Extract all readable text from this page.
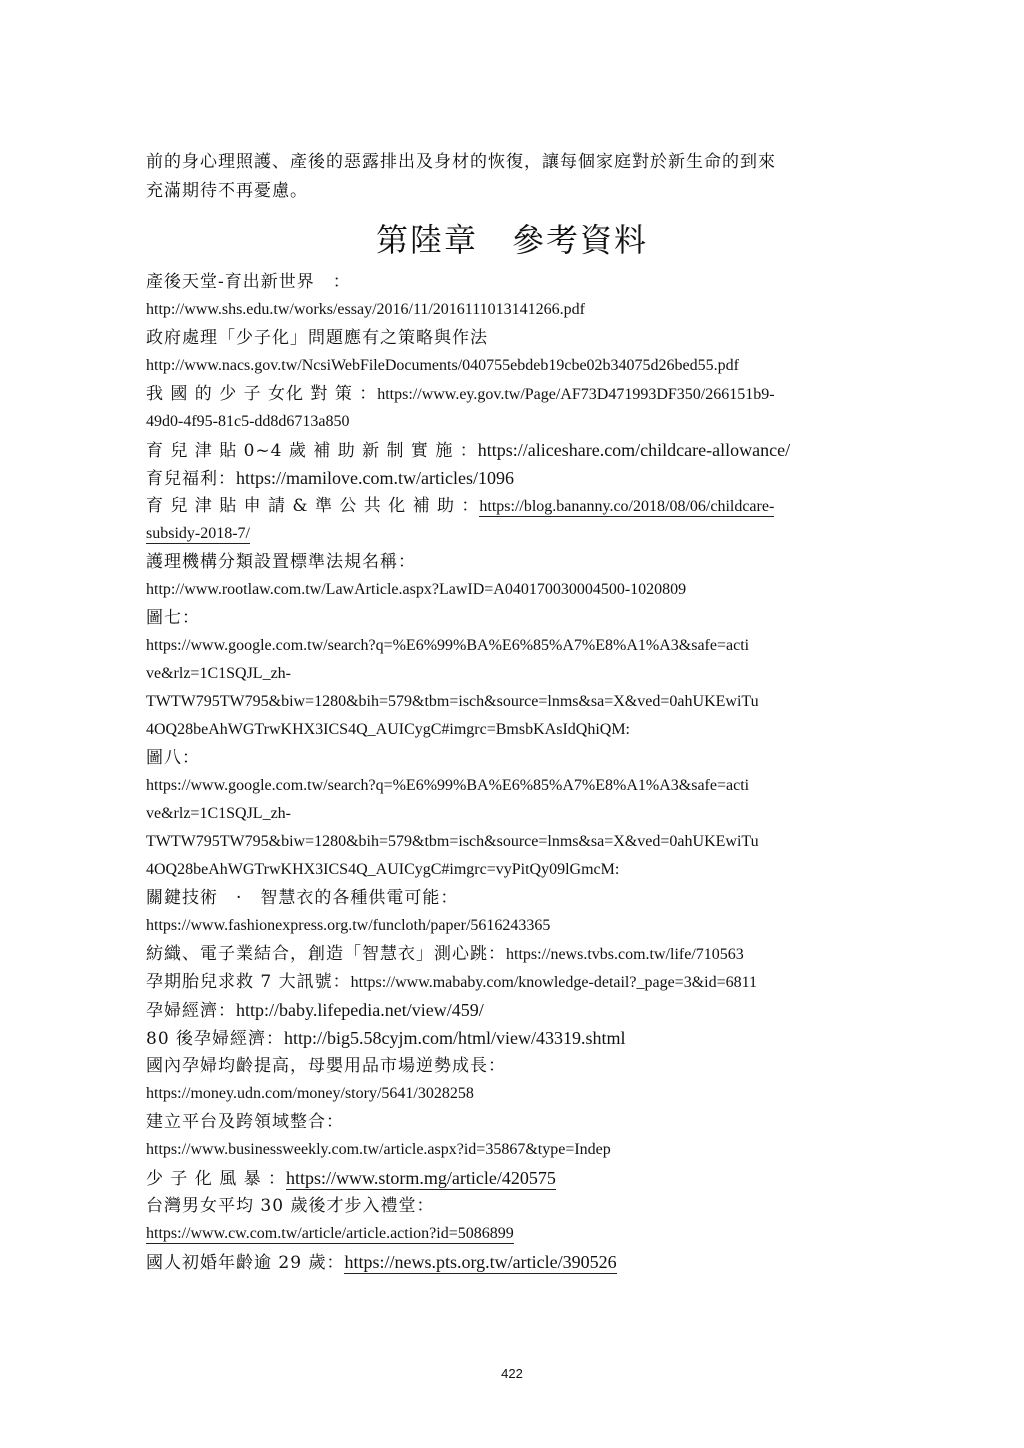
前的身心理照護、產後的惡露排出及身材的恢復，讓每個家庭對於新生命的到來

充滿期待不再憂慮。

第陸章　參考資料
產後天堂-育出新世界　：
http://www.shs.edu.tw/works/essay/2016/11/2016111013141266.pdf
政府處理「少子化」問題應有之策略與作法
http://www.nacs.gov.tw/NcsiWebFileDocuments/040755ebdeb19cbe02b34075d26bed55.pdf
我 國 的 少 子 女化 對 策 ：https://www.ey.gov.tw/Page/AF73D471993DF350/266151b9-
49d0-4f95-81c5-dd8d6713a850
育 兒 津 貼 0~4 歲 補 助 新 制 實 施 ：https://aliceshare.com/childcare-allowance/
育兒福利：https://mamilove.com.tw/articles/1096
育 兒 津 貼 申 請 & 準 公 共 化 補 助 ：https://blog.bananny.co/2018/08/06/childcare-
subsidy-2018-7/
護理機構分類設置標準法規名稱：
http://www.rootlaw.com.tw/LawArticle.aspx?LawID=A040170030004500-1020809
圖七：
https://www.google.com.tw/search?q=%E6%99%BA%E6%85%A7%E8%A1%A3&safe=acti
ve&rlz=1C1SQJL_zh-
TWTW795TW795&biw=1280&bih=579&tbm=isch&source=lnms&sa=X&ved=0ahUKEwiTu
4OQ28beAhWGTrwKHX3ICS4Q_AUICygC#imgrc=BmsbKAsIdQhiQM:
圖八：
https://www.google.com.tw/search?q=%E6%99%BA%E6%85%A7%E8%A1%A3&safe=acti
ve&rlz=1C1SQJL_zh-
TWTW795TW795&biw=1280&bih=579&tbm=isch&source=lnms&sa=X&ved=0ahUKEwiTu
4OQ28beAhWGTrwKHX3ICS4Q_AUICygC#imgrc=vyPitQy09lGmcM:
關鍵技術　·　智慧衣的各種供電可能：
https://www.fashionexpress.org.tw/funcloth/paper/5616243365
紡織、電子業結合，創造「智慧衣」測心跳：https://news.tvbs.com.tw/life/710563
孕期胎兒求救 7 大訊號：https://www.mababy.com/knowledge-detail?_page=3&id=6811
孕婦經濟：http://baby.lifepedia.net/view/459/
80 後孕婦經濟：http://big5.58cyjm.com/html/view/43319.shtml
國內孕婦均齡提高，母嬰用品市場逆勢成長：
https://money.udn.com/money/story/5641/3028258
建立平台及跨領域整合：
https://www.businessweekly.com.tw/article.aspx?id=35867&type=Indep
少 子 化 風 暴 ：https://www.storm.mg/article/420575
台灣男女平均 30 歲後才步入禮堂：
https://www.cw.com.tw/article/article.action?id=5086899
國人初婚年齡逾 29 歲：https://news.pts.org.tw/article/390526
422
